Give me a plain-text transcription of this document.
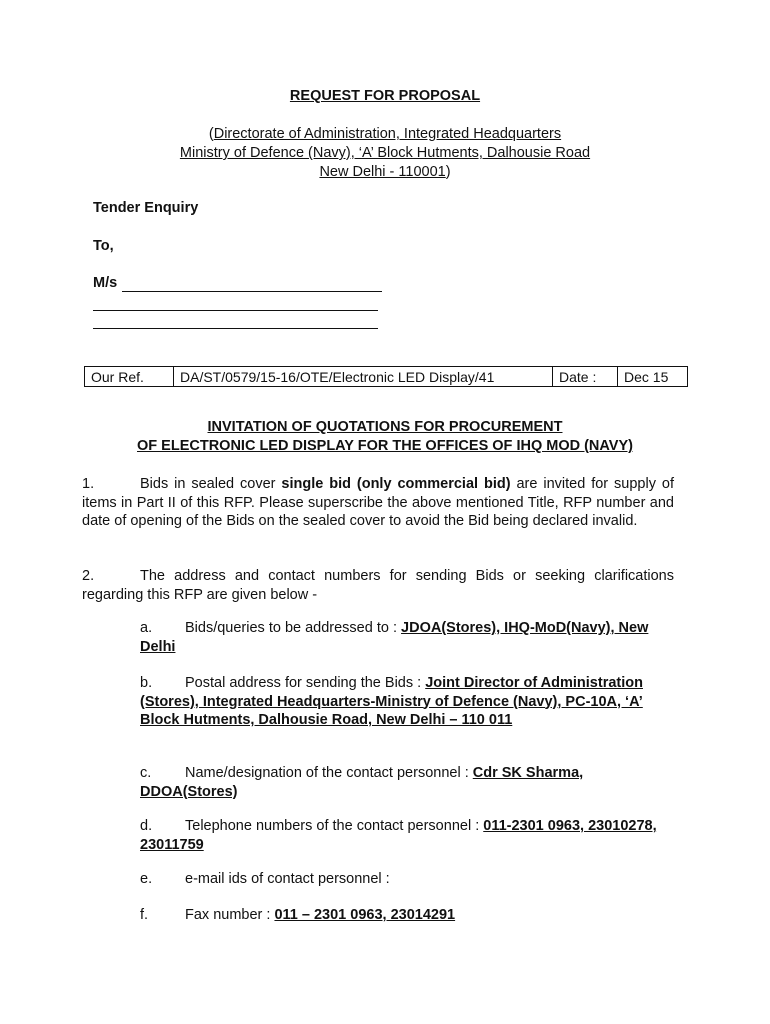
REQUEST FOR PROPOSAL
(Directorate of Administration, Integrated Headquarters
Ministry of Defence (Navy), ‘A’ Block Hutments, Dalhousie Road
New Delhi - 110001)
Tender Enquiry
To,
M/s
Our Ref.	DA/ST/0579/15-16/OTE/Electronic LED Display/41	Date :	Dec 15
INVITATION OF QUOTATIONS FOR PROCUREMENT
OF ELECTRONIC LED DISPLAY FOR THE OFFICES OF IHQ MOD (NAVY)
1.	Bids in sealed cover single bid (only commercial bid) are invited for supply of items in Part II of this RFP. Please superscribe the above mentioned Title, RFP number and date of opening of the Bids on the sealed cover to avoid the Bid being declared invalid.
2.	The address and contact numbers for sending Bids or seeking clarifications regarding this RFP are given below -
a. Bids/queries to be addressed to : JDOA(Stores), IHQ-MoD(Navy), New Delhi
b. Postal address for sending the Bids : Joint Director of Administration (Stores), Integrated Headquarters-Ministry of Defence (Navy), PC-10A, ‘A’ Block Hutments, Dalhousie Road, New Delhi – 110 011
c. Name/designation of the contact personnel : Cdr SK Sharma, DDOA(Stores)
d. Telephone numbers of the contact personnel : 011-2301 0963, 23010278, 23011759
e. e-mail ids of contact personnel :
f.	Fax number : 011 – 2301 0963, 23014291
